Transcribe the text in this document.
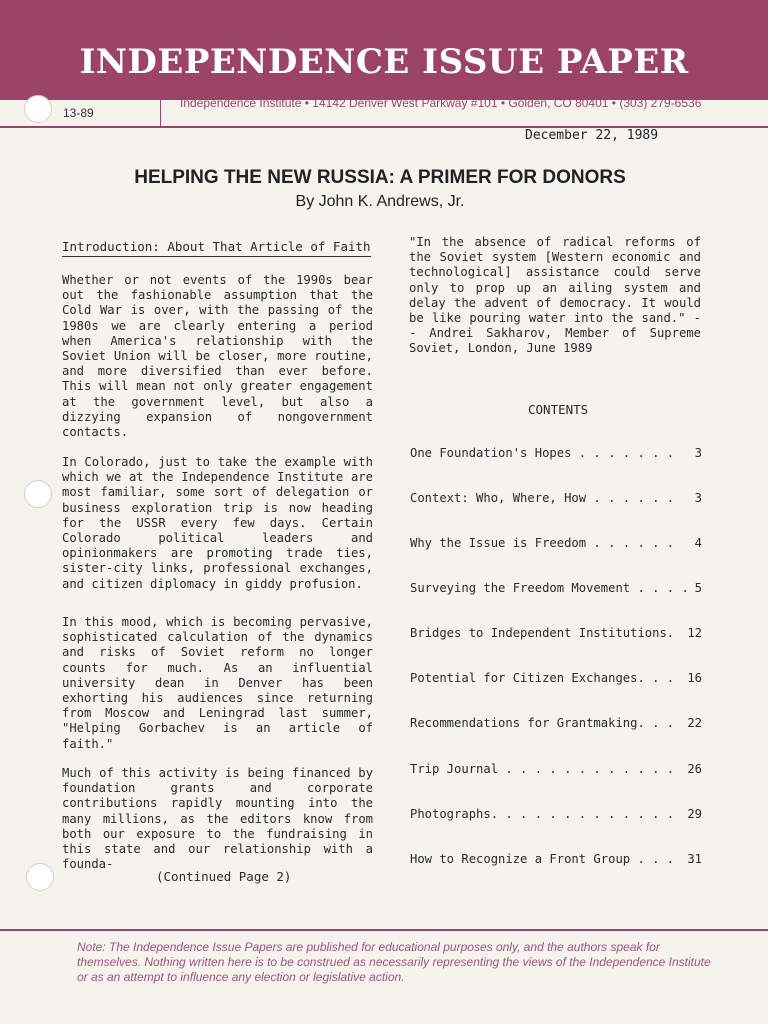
INDEPENDENCE ISSUE PAPER
13-89
Independence Institute • 14142 Denver West Parkway #101 • Golden, CO 80401 • (303) 279-6536
December 22, 1989
HELPING THE NEW RUSSIA: A PRIMER FOR DONORS
By John K. Andrews, Jr.
Introduction: About That Article of Faith

Whether or not events of the 1990s bear out the fashionable assumption that the Cold War is over, with the passing of the 1980s we are clearly entering a period when America's relationship with the Soviet Union will be closer, more routine, and more diversified than ever before. This will mean not only greater engagement at the government level, but also a dizzying expansion of nongovernment contacts.

In Colorado, just to take the example with which we at the Independence Institute are most familiar, some sort of delegation or business exploration trip is now heading for the USSR every few days. Certain Colorado political leaders and opinionmakers are promoting trade ties, sister-city links, professional exchanges, and citizen diplomacy in giddy profusion.

In this mood, which is becoming pervasive, sophisticated calculation of the dynamics and risks of Soviet reform no longer counts for much. As an influential university dean in Denver has been exhorting his audiences since returning from Moscow and Leningrad last summer, "Helping Gorbachev is an article of faith."

Much of this activity is being financed by foundation grants and corporate contributions rapidly mounting into the many millions, as the editors know from both our exposure to the fundraising in this state and our relationship with a founda-

(Continued Page 2)

"In the absence of radical reforms of the Soviet system [Western economic and technological] assistance could serve only to prop up an ailing system and delay the advent of democracy. It would be like pouring water into the sand." -- Andrei Sakharov, Member of Supreme Soviet, London, June 1989

CONTENTS
One Foundation's Hopes . . . . . . . 3
Context: Who, Where, How . . . . . . 3
Why the Issue is Freedom . . . . . . 4
Surveying the Freedom Movement . . . . 5
Bridges to Independent Institutions. 12
Potential for Citizen Exchanges. . . 16
Recommendations for Grantmaking. . . 22
Trip Journal . . . . . . . . . . . . 26
Photographs. . . . . . . . . . . . . 29
How to Recognize a Front Group . . . 31

Note: The Independence Issue Papers are published for educational purposes only, and the authors speak for themselves. Nothing written here is to be construed as necessarily representing the views of the Independence Institute or as an attempt to influence any election or legislative action.
